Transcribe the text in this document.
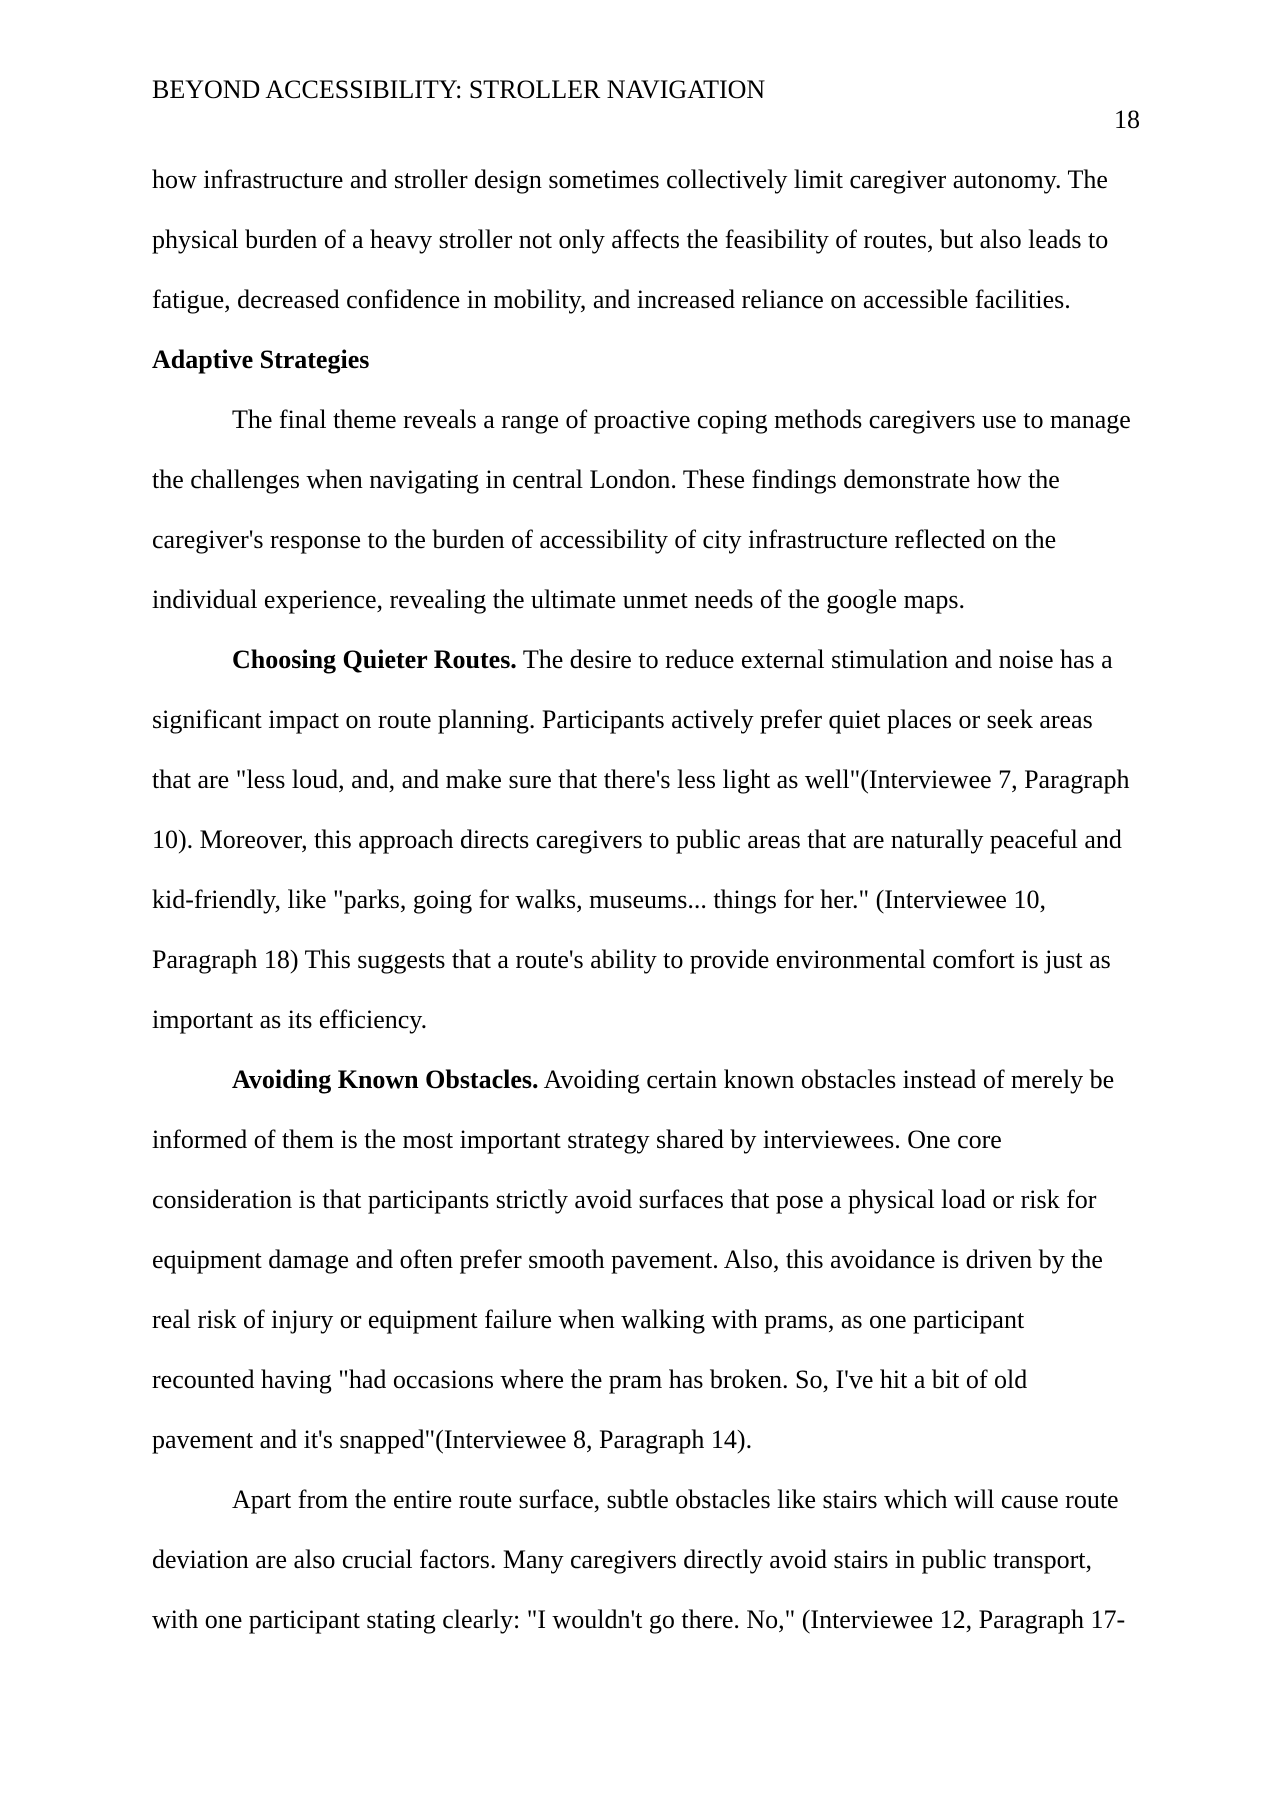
BEYOND ACCESSIBILITY: STROLLER NAVIGATION
18
how infrastructure and stroller design sometimes collectively limit caregiver autonomy. The
physical burden of a heavy stroller not only affects the feasibility of routes, but also leads to
fatigue, decreased confidence in mobility, and increased reliance on accessible facilities.
Adaptive Strategies
The final theme reveals a range of proactive coping methods caregivers use to manage
the challenges when navigating in central London. These findings demonstrate how the
caregiver's response to the burden of accessibility of city infrastructure reflected on the
individual experience, revealing the ultimate unmet needs of the google maps.
Choosing Quieter Routes. The desire to reduce external stimulation and noise has a
significant impact on route planning. Participants actively prefer quiet places or seek areas
that are "less loud, and, and make sure that there's less light as well"(Interviewee 7, Paragraph
10). Moreover, this approach directs caregivers to public areas that are naturally peaceful and
kid-friendly, like "parks, going for walks, museums... things for her." (Interviewee 10,
Paragraph 18) This suggests that a route's ability to provide environmental comfort is just as
important as its efficiency.
Avoiding Known Obstacles. Avoiding certain known obstacles instead of merely be
informed of them is the most important strategy shared by interviewees. One core
consideration is that participants strictly avoid surfaces that pose a physical load or risk for
equipment damage and often prefer smooth pavement. Also, this avoidance is driven by the
real risk of injury or equipment failure when walking with prams, as one participant
recounted having "had occasions where the pram has broken. So, I've hit a bit of old
pavement and it's snapped"(Interviewee 8, Paragraph 14).
Apart from the entire route surface, subtle obstacles like stairs which will cause route
deviation are also crucial factors. Many caregivers directly avoid stairs in public transport,
with one participant stating clearly: "I wouldn't go there. No," (Interviewee 12, Paragraph 17-
